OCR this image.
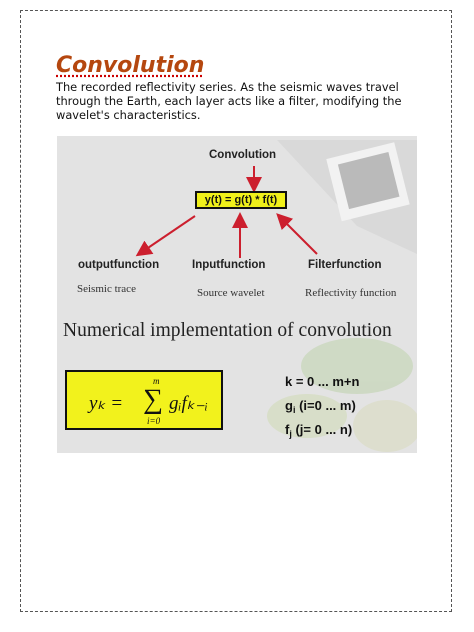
Convolution

The recorded reflectivity series. As the seismic waves travel through the Earth, each layer acts like a filter, modifying the wavelet's characteristics.

Convolution
y(t) = g(t) * f(t)
outputfunction	Inputfunction	Filterfunction
Seismic trace	Source wavelet	Reflectivity function
Numerical implementation of convolution
yₖ =
m
∑
i=0
gᵢfₖ₋ᵢ
k = 0 ... m+n
$g_i$ (i=0 ... m)
$f_j$ (j= 0 ... n)
